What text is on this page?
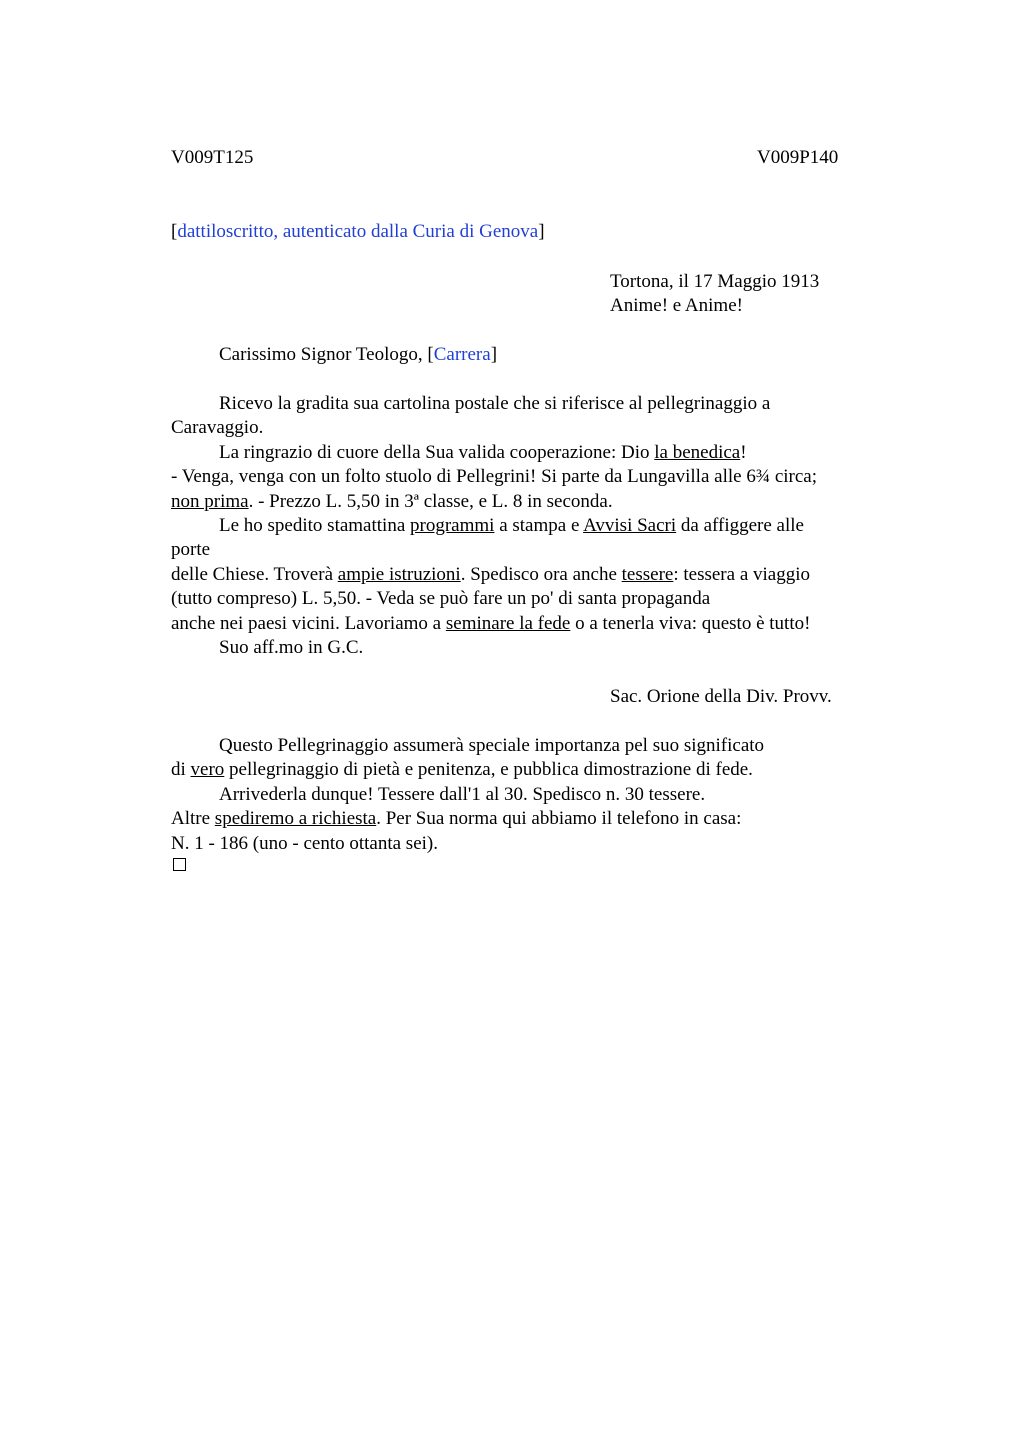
V009T125	V009P140
[dattiloscritto, autenticato dalla Curia di Genova]
Tortona, il 17 Maggio 1913
Anime! e Anime!
Carissimo Signor Teologo, [Carrera]
Ricevo la gradita sua cartolina postale che si riferisce al pellegrinaggio a
Caravaggio.
La ringrazio di cuore della Sua valida cooperazione: Dio la benedica!
- Venga, venga con un folto stuolo di Pellegrini! Si parte da Lungavilla alle 6¾ circa;
non prima. - Prezzo L. 5,50 in 3ª classe, e L. 8 in seconda.
Le ho spedito stamattina programmi a stampa e Avvisi Sacri da affiggere alle
porte
delle Chiese. Troverà ampie istruzioni. Spedisco ora anche tessere: tessera a viaggio
(tutto compreso) L. 5,50. - Veda se può fare un po' di santa propaganda
anche nei paesi vicini. Lavoriamo a seminare la fede o a tenerla viva: questo è tutto!
Suo aff.mo in G.C.
Sac. Orione della Div. Provv.
Questo Pellegrinaggio assumerà speciale importanza pel suo significato
di vero pellegrinaggio di pietà e penitenza, e pubblica dimostrazione di fede.
Arrivederla dunque! Tessere dall'1 al 30. Spedisco n. 30 tessere.
Altre spediremo a richiesta. Per Sua norma qui abbiamo il telefono in casa:
N. 1 - 186 (uno - cento ottanta sei).
